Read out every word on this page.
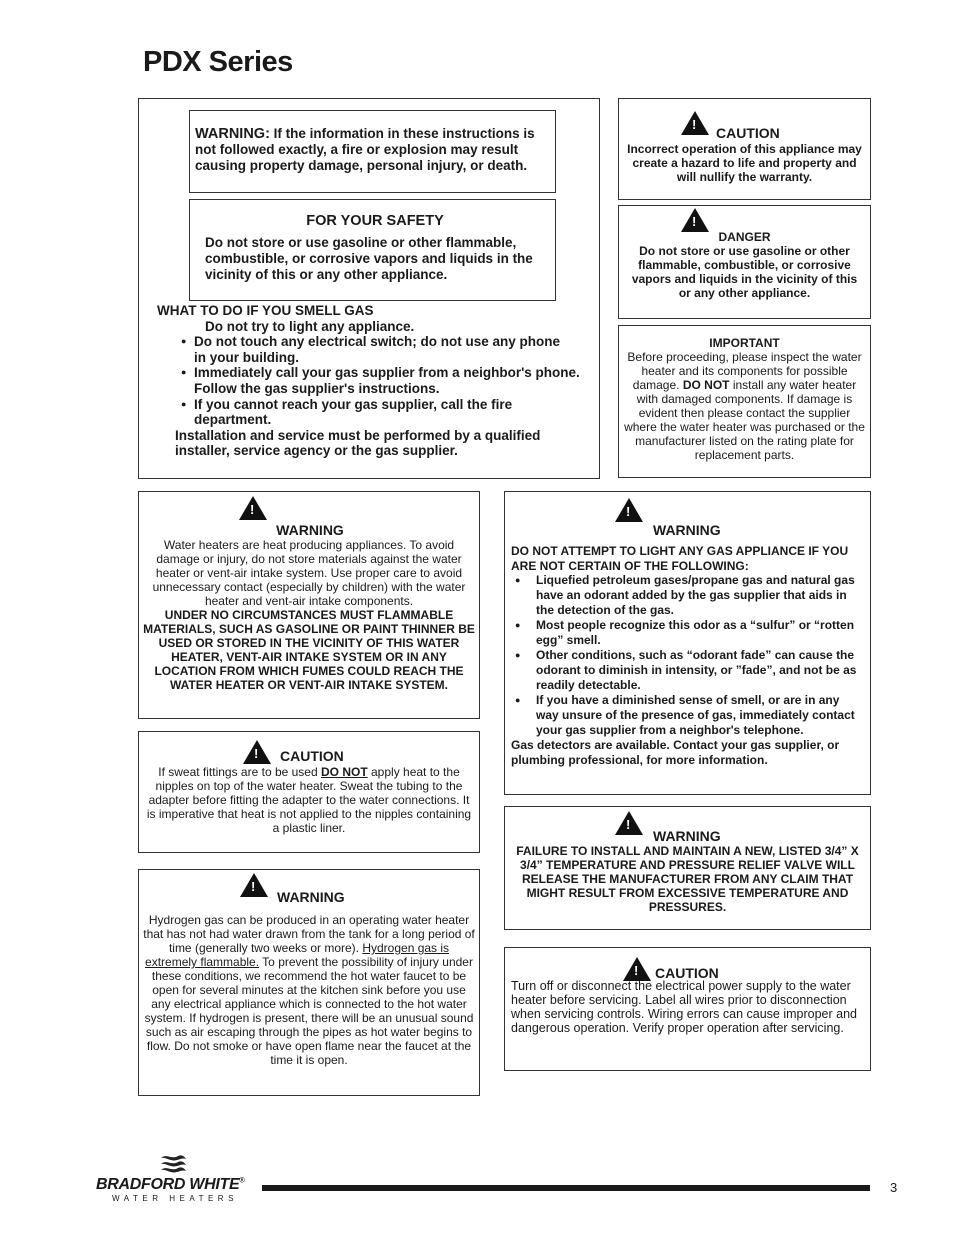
PDX Series
WARNING: If the information in these instructions is not followed exactly, a fire or explosion may result causing property damage, personal injury, or death.
FOR YOUR SAFETY
Do not store or use gasoline or other flammable, combustible, or corrosive vapors and liquids in the vicinity of this or any other appliance.
WHAT TO DO IF YOU SMELL GAS
Do not try to light any appliance.
● Do not touch any electrical switch; do not use any phone in your building.
● Immediately call your gas supplier from a neighbor's phone. Follow the gas supplier's instructions.
● If you cannot reach your gas supplier, call the fire department.
Installation and service must be performed by a qualified installer, service agency or the gas supplier.
!
CAUTION
Incorrect operation of this appliance may create a hazard to life and property and will nullify the warranty.
!
DANGER
Do not store or use gasoline or other flammable, combustible, or corrosive vapors and liquids in the vicinity of this or any other appliance.
IMPORTANT
Before proceeding, please inspect the water heater and its components for possible damage. DO NOT install any water heater with damaged components. If damage is evident then please contact the supplier where the water heater was purchased or the manufacturer listed on the rating plate for replacement parts.
!
WARNING
Water heaters are heat producing appliances. To avoid damage or injury, do not store materials against the water heater or vent-air intake system. Use proper care to avoid unnecessary contact (especially by children) with the water heater and vent-air intake components.
UNDER NO CIRCUMSTANCES MUST FLAMMABLE MATERIALS, SUCH AS GASOLINE OR PAINT THINNER BE USED OR STORED IN THE VICINITY OF THIS WATER HEATER, VENT-AIR INTAKE SYSTEM OR IN ANY LOCATION FROM WHICH FUMES COULD REACH THE WATER HEATER OR VENT-AIR INTAKE SYSTEM.
!
CAUTION
If sweat fittings are to be used DO NOT apply heat to the nipples on top of the water heater. Sweat the tubing to the adapter before fitting the adapter to the water connections. It is imperative that heat is not applied to the nipples containing a plastic liner.
!
WARNING
Hydrogen gas can be produced in an operating water heater that has not had water drawn from the tank for a long period of time (generally two weeks or more). Hydrogen gas is extremely flammable. To prevent the possibility of injury under these conditions, we recommend the hot water faucet to be open for several minutes at the kitchen sink before you use any electrical appliance which is connected to the hot water system. If hydrogen is present, there will be an unusual sound such as air escaping through the pipes as hot water begins to flow. Do not smoke or have open flame near the faucet at the time it is open.
!
WARNING
DO NOT ATTEMPT TO LIGHT ANY GAS APPLIANCE IF YOU ARE NOT CERTAIN OF THE FOLLOWING:
● Liquefied petroleum gases/propane gas and natural gas have an odorant added by the gas supplier that aids in the detection of the gas.
● Most people recognize this odor as a “sulfur” or “rotten egg” smell.
● Other conditions, such as “odorant fade” can cause the odorant to diminish in intensity, or ”fade”, and not be as readily detectable.
● If you have a diminished sense of smell, or are in any way unsure of the presence of gas, immediately contact your gas supplier from a neighbor's telephone.
Gas detectors are available. Contact your gas supplier, or plumbing professional, for more information.
!
WARNING
FAILURE TO INSTALL AND MAINTAIN A NEW, LISTED 3/4” X 3/4” TEMPERATURE AND PRESSURE RELIEF VALVE WILL RELEASE THE MANUFACTURER FROM ANY CLAIM THAT MIGHT RESULT FROM EXCESSIVE TEMPERATURE AND PRESSURES.
!
CAUTION
Turn off or disconnect the electrical power supply to the water heater before servicing. Label all wires prior to disconnection when servicing controls. Wiring errors can cause improper and dangerous operation. Verify proper operation after servicing.
BRADFORD WHITE®
WATER HEATERS
3
